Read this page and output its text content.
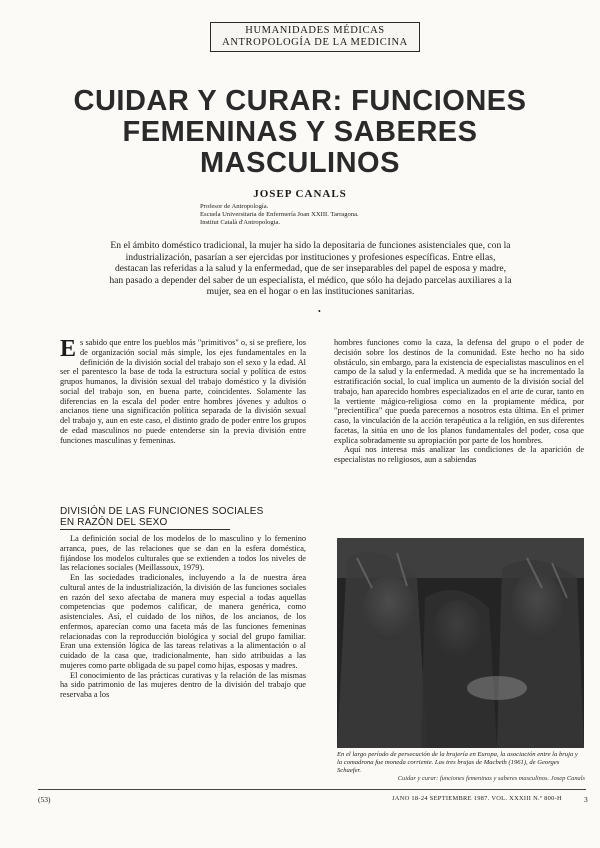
HUMANIDADES MÉDICAS
ANTROPOLOGÍA DE LA MEDICINA
CUIDAR Y CURAR: FUNCIONES
FEMENINAS Y SABERES
MASCULINOS
JOSEP CANALS
Profesor de Antropología.
Escuela Universitaria de Enfermería Joan XXIII. Tarragona.
Institut Català d'Antropologia.
En el ámbito doméstico tradicional, la mujer ha sido la depositaria de funciones asistenciales que, con la industrialización, pasarían a ser ejercidas por instituciones y profesiones específicas. Entre ellas, destacan las referidas a la salud y la enfermedad, que de ser inseparables del papel de esposa y madre, han pasado a depender del saber de un especialista, el médico, que sólo ha dejado parcelas auxiliares a la mujer, sea en el hogar o en las instituciones sanitarias.
•
E s sabido que entre los pueblos más "primitivos" o, si se prefiere, los de organización social más simple, los ejes fundamentales en la definición de la división social del trabajo son el sexo y la edad. Al ser el parentesco la base de toda la estructura social y política de estos grupos humanos, la división sexual del trabajo doméstico y la división social del trabajo son, en buena parte, coincidentes. Solamente las diferencias en la escala del poder entre hombres jóvenes y adultos o ancianos tiene una significación política separada de la división sexual del trabajo y, aun en este caso, el distinto grado de poder entre los grupos de edad masculinos no puede entenderse sin la previa división entre funciones masculinas y femeninas.

DIVISIÓN DE LAS FUNCIONES SOCIALES
EN RAZÓN DEL SEXO

La definición social de los modelos de lo masculino y lo femenino arranca, pues, de las relaciones que se dan en la esfera doméstica, fijándose los modelos culturales que se extienden a todos los niveles de las relaciones sociales (Meillassoux, 1979).

En las sociedades tradicionales, incluyendo a la de nuestra área cultural antes de la industrialización, la división de las funciones sociales en razón del sexo afectaba de manera muy especial a todas aquellas competencias que podemos calificar, de manera genérica, como asistenciales. Así, el cuidado de los niños, de los ancianos, de los enfermos, aparecían como una faceta más de las funciones femeninas relacionadas con la reproducción biológica y social del grupo familiar. Eran una extensión lógica de las tareas relativas a la alimentación o al cuidado de la casa que, tradicionalmente, han sido atribuidas a las mujeres como parte obligada de su papel como hijas, esposas y madres.

El conocimiento de las prácticas curativas y la relación de las mismas ha sido patrimonio de las mujeres dentro de la división del trabajo que reservaba a los

hombres funciones como la caza, la defensa del grupo o el poder de decisión sobre los destinos de la comunidad. Este hecho no ha sido obstáculo, sin embargo, para la existencia de especialistas masculinos en el campo de la salud y la enfermedad. A medida que se ha incrementado la estratificación social, lo cual implica un aumento de la división social del trabajo, han aparecido hombres especializados en el arte de curar, tanto en la vertiente mágico-religiosa como en la propiamente médica, por "precientífica" que pueda parecernos a nosotros esta última. En el primer caso, la vinculación de la acción terapéutica a la religión, en sus diferentes facetas, la sitúa en uno de los planos fundamentales del poder, cosa que explica sobradamente su apropiación por parte de los hombres.

Aquí nos interesa más analizar las condiciones de la aparición de especialistas no religiosos, aun a sabiendas

En el largo período de persecución de la brujería en Europa, la asociación entre la bruja y la comadrona fue moneda corriente. Las tres brujas de Macbeth (1961), de Georges Schaefer.
Cuidar y curar: funciones femeninas y saberes masculinos. Josep Canals
(53)	JANO 18-24 SEPTIEMBRE 1987. VOL. XXXIII N.º 800-H	3
